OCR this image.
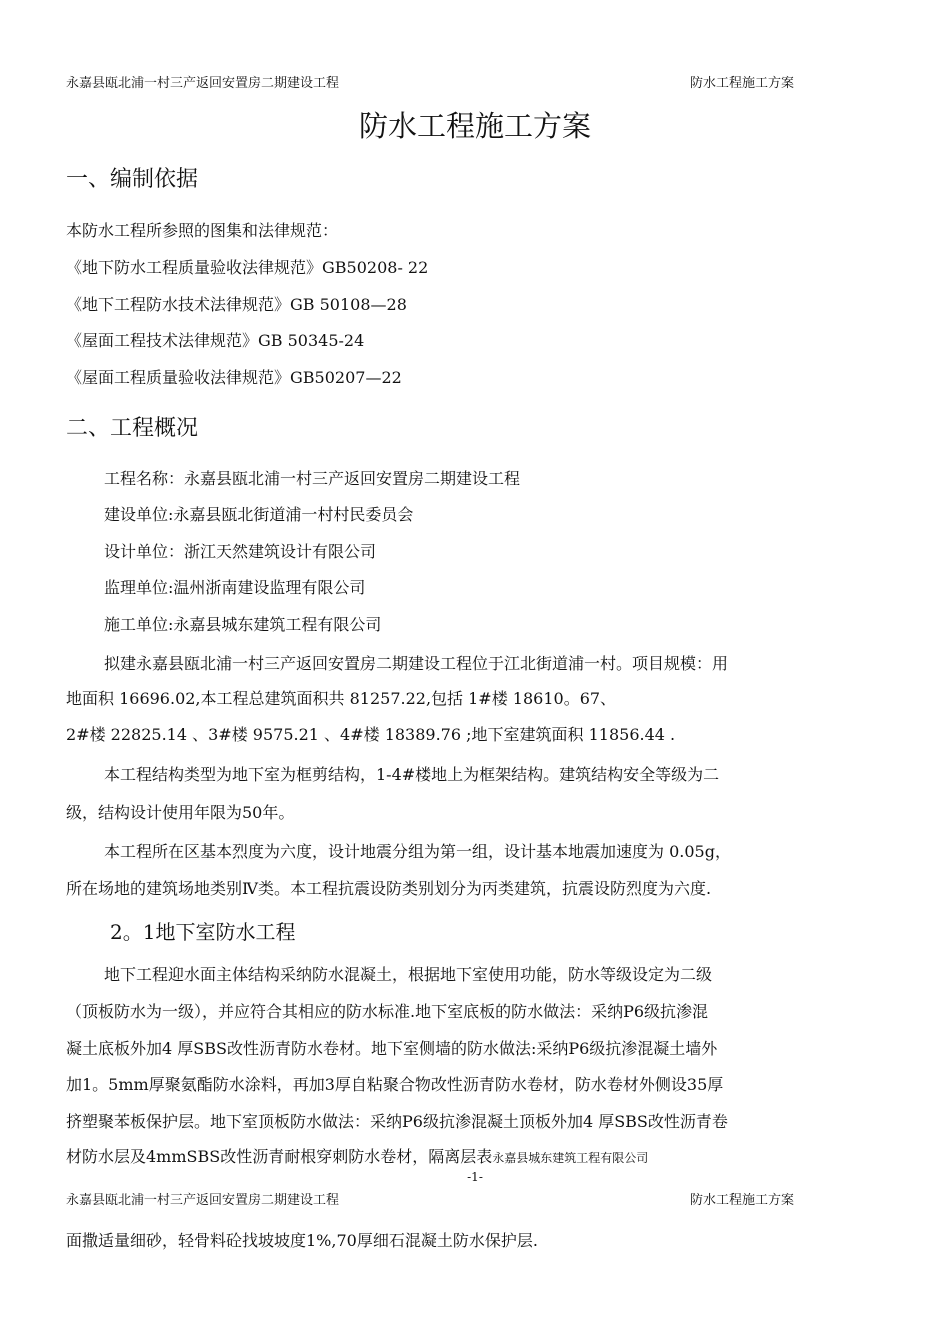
永嘉县瓯北浦一村三产返回安置房二期建设工程	防水工程施工方案
防水工程施工方案
一、编制依据
本防水工程所参照的图集和法律规范：
《地下防水工程质量验收法律规范》GB50208- 22
《地下工程防水技术法律规范》GB 50108—28
《屋面工程技术法律规范》GB 50345-24
《屋面工程质量验收法律规范》GB50207—22
二、工程概况
工程名称：永嘉县瓯北浦一村三产返回安置房二期建设工程
建设单位:永嘉县瓯北街道浦一村村民委员会
设计单位：浙江天然建筑设计有限公司
监理单位:温州浙南建设监理有限公司
施工单位:永嘉县城东建筑工程有限公司
拟建永嘉县瓯北浦一村三产返回安置房二期建设工程位于江北街道浦一村。项目规模：用
地面积 16696.02,本工程总建筑面积共 81257.22,包括 1#楼 18610。67、
2#楼 22825.14 、3#楼 9575.21 、4#楼 18389.76 ;地下室建筑面积 11856.44 .
本工程结构类型为地下室为框剪结构，1-4#楼地上为框架结构。建筑结构安全等级为二
级，结构设计使用年限为50年。
本工程所在区基本烈度为六度，设计地震分组为第一组，设计基本地震加速度为 0.05g，
所在场地的建筑场地类别Ⅳ类。本工程抗震设防类别划分为丙类建筑，抗震设防烈度为六度.
2。1地下室防水工程
地下工程迎水面主体结构采纳防水混凝土，根据地下室使用功能，防水等级设定为二级
（顶板防水为一级），并应符合其相应的防水标准.地下室底板的防水做法：采纳P6级抗渗混
凝土底板外加4 厚SBS改性沥青防水卷材。地下室侧墙的防水做法:采纳P6级抗渗混凝土墙外
加1。5mm厚聚氨酯防水涂料，再加3厚自粘聚合物改性沥青防水卷材，防水卷材外侧设35厚
挤塑聚苯板保护层。地下室顶板防水做法：采纳P6级抗渗混凝土顶板外加4 厚SBS改性沥青卷
材防水层及4mmSBS改性沥青耐根穿刺防水卷材，隔离层表永嘉县城东建筑工程有限公司
-1-
永嘉县瓯北浦一村三产返回安置房二期建设工程	防水工程施工方案
面撒适量细砂，轻骨料砼找坡坡度1%,70厚细石混凝土防水保护层.
